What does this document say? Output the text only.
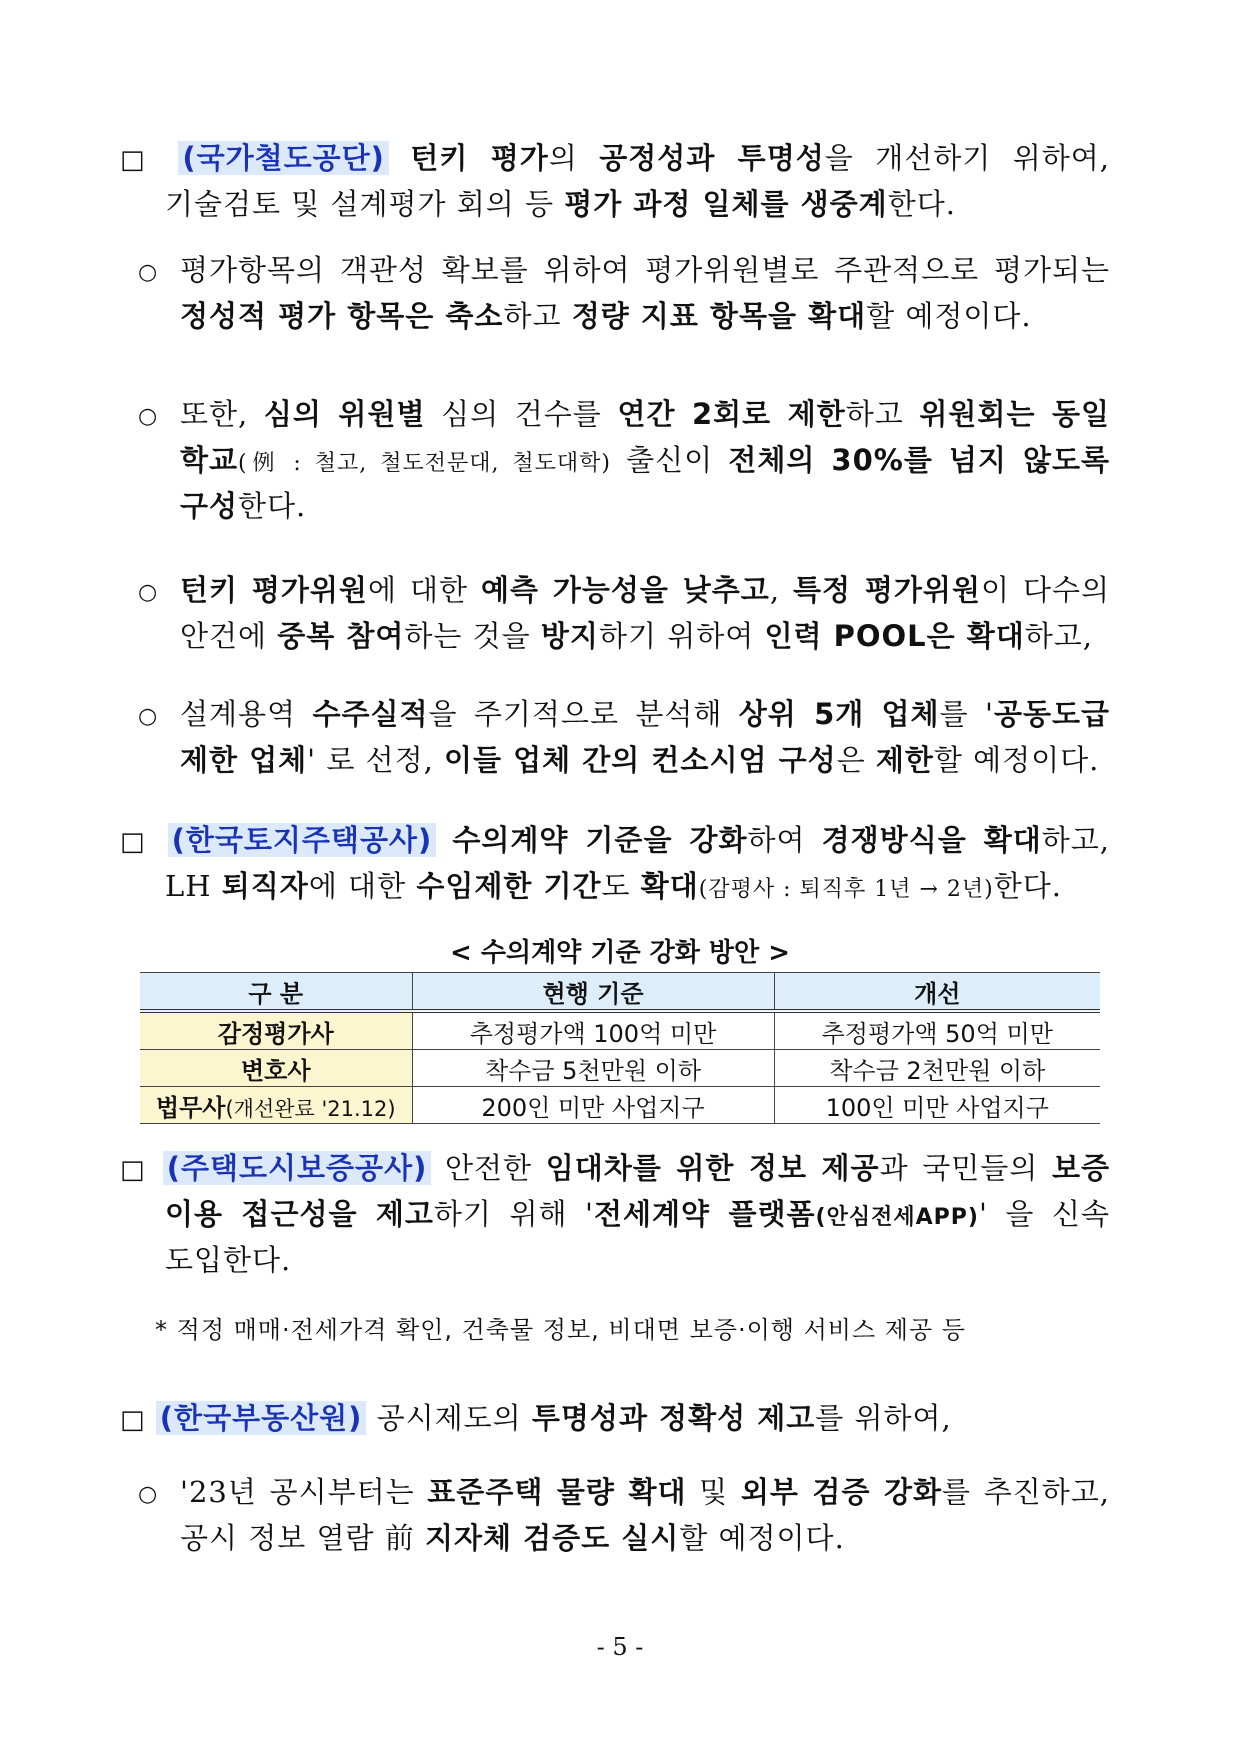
□ (국가철도공단) 턴키 평가의 공정성과 투명성을 개선하기 위하여,
기술검토 및 설계평가 회의 등 평가 과정 일체를 생중계한다.
○ 평가항목의 객관성 확보를 위하여 평가위원별로 주관적으로 평가되는
정성적 평가 항목은 축소하고 정량 지표 항목을 확대할 예정이다.
○ 또한, 심의 위원별 심의 건수를 연간 2회로 제한하고 위원회는 동일
학교(例 : 철고, 철도전문대, 철도대학) 출신이 전체의 30%를 넘지 않도록
구성한다.
○ 턴키 평가위원에 대한 예측 가능성을 낮추고, 특정 평가위원이 다수의
안건에 중복 참여하는 것을 방지하기 위하여 인력 POOL은 확대하고,
○ 설계용역 수주실적을 주기적으로 분석해 상위 5개 업체를 '공동도급
제한 업체' 로 선정, 이들 업체 간의 컨소시엄 구성은 제한할 예정이다.
□ (한국토지주택공사) 수의계약 기준을 강화하여 경쟁방식을 확대하고,
LH 퇴직자에 대한 수임제한 기간도 확대(감평사 : 퇴직후 1년 → 2년)한다.
< 수의계약 기준 강화 방안 >
구 분	현행 기준	개선
감정평가사	추정평가액 100억 미만	추정평가액 50억 미만
변호사	착수금 5천만원 이하	착수금 2천만원 이하
법무사(개선완료 '21.12)	200인 미만 사업지구	100인 미만 사업지구
□ (주택도시보증공사) 안전한 임대차를 위한 정보 제공과 국민들의 보증
이용 접근성을 제고하기 위해 '전세계약 플랫폼(안심전세APP)' 을 신속
도입한다.
* 적정 매매·전세가격 확인, 건축물 정보, 비대면 보증·이행 서비스 제공 등
□ (한국부동산원) 공시제도의 투명성과 정확성 제고를 위하여,
○ '23년 공시부터는 표준주택 물량 확대 및 외부 검증 강화를 추진하고,
공시 정보 열람 前 지자체 검증도 실시할 예정이다.
- 5 -
